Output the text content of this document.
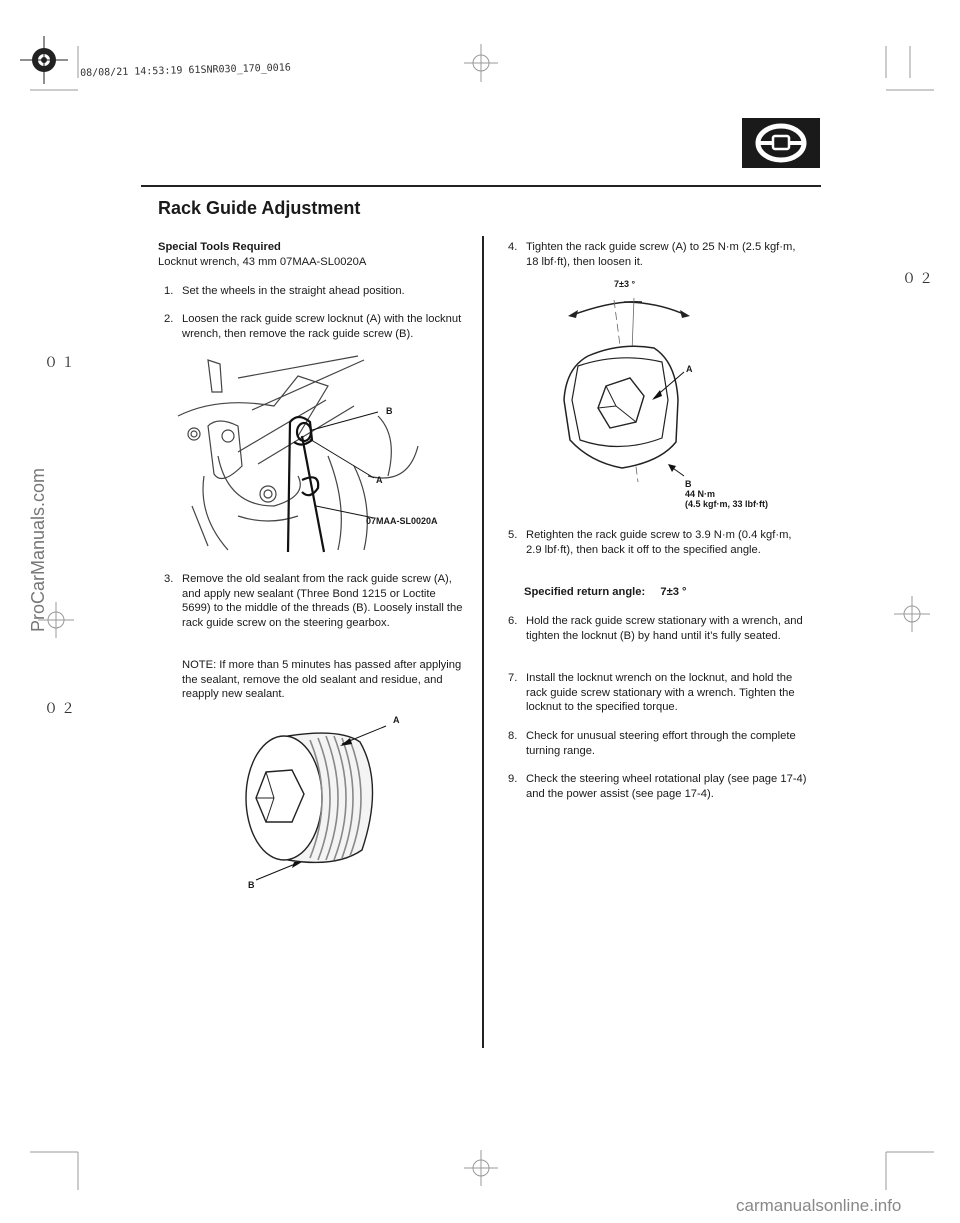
08/08/21 14:53:19 61SNR030_170_0016
０１
０２
０２
ProCarManuals.com
carmanualsonline.info
Rack Guide Adjustment
Special Tools Required
Locknut wrench, 43 mm 07MAA-SL0020A
1. Set the wheels in the straight ahead position.
2. Loosen the rack guide screw locknut (A) with the locknut wrench, then remove the rack guide screw (B).
B
A
07MAA-SL0020A
3. Remove the old sealant from the rack guide screw (A), and apply new sealant (Three Bond 1215 or Loctite 5699) to the middle of the threads (B). Loosely install the rack guide screw on the steering gearbox.
NOTE: If more than 5 minutes has passed after applying the sealant, remove the old sealant and residue, and reapply new sealant.
A
B
4. Tighten the rack guide screw (A) to 25 N·m (2.5 kgf·m, 18 lbf·ft), then loosen it.
7±3 °
A
B
44 N·m
(4.5 kgf·m, 33 lbf·ft)
5. Retighten the rack guide screw to 3.9 N·m (0.4 kgf·m, 2.9 lbf·ft), then back it off to the specified angle.
Specified return angle: 7±3 °
6. Hold the rack guide screw stationary with a wrench, and tighten the locknut (B) by hand until it’s fully seated.
7. Install the locknut wrench on the locknut, and hold the rack guide screw stationary with a wrench. Tighten the locknut to the specified torque.
8. Check for unusual steering effort through the complete turning range.
9. Check the steering wheel rotational play (see page 17-4) and the power assist (see page 17-4).
